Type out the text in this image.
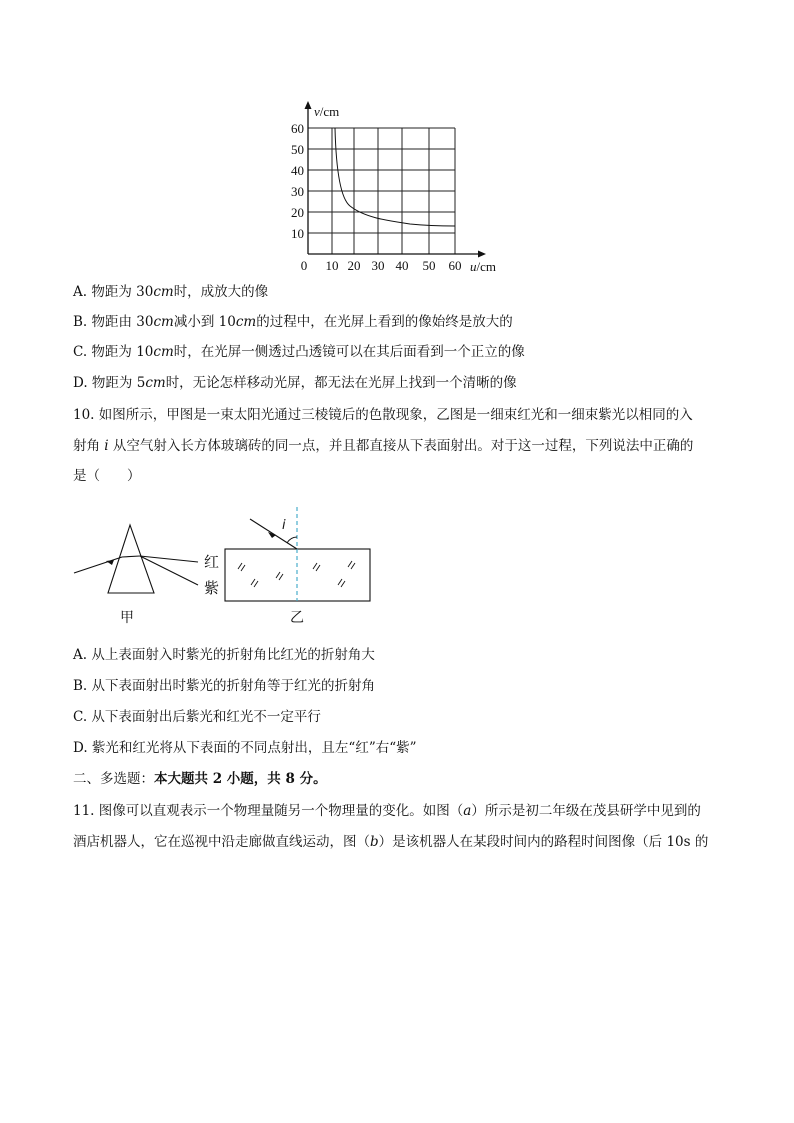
v/cm
u/cm
60
50
40
30
20
10
0 10 20 30 40 50 60
A. 物距为 30cm时，成放大的像
B. 物距由 30cm减小到 10cm的过程中，在光屏上看到的像始终是放大的
C. 物距为 10cm时，在光屏一侧透过凸透镜可以在其后面看到一个正立的像
D. 物距为 5cm时，无论怎样移动光屏，都无法在光屏上找到一个清晰的像
10. 如图所示，甲图是一束太阳光通过三棱镜后的色散现象，乙图是一细束红光和一细束紫光以相同的入
射角 i 从空气射入长方体玻璃砖的同一点，并且都直接从下表面射出。对于这一过程，下列说法中正确的
是（　　）
红
紫
甲
i
乙
A. 从上表面射入时紫光的折射角比红光的折射角大
B. 从下表面射出时紫光的折射角等于红光的折射角
C. 从下表面射出后紫光和红光不一定平行
D. 紫光和红光将从下表面的不同点射出，且左“红”右“紫”
二、多选题：本大题共 2 小题，共 8 分。
11. 图像可以直观表示一个物理量随另一个物理量的变化。如图（a）所示是初二年级在茂县研学中见到的
酒店机器人，它在巡视中沿走廊做直线运动，图（b）是该机器人在某段时间内的路程时间图像（后 10s 的
